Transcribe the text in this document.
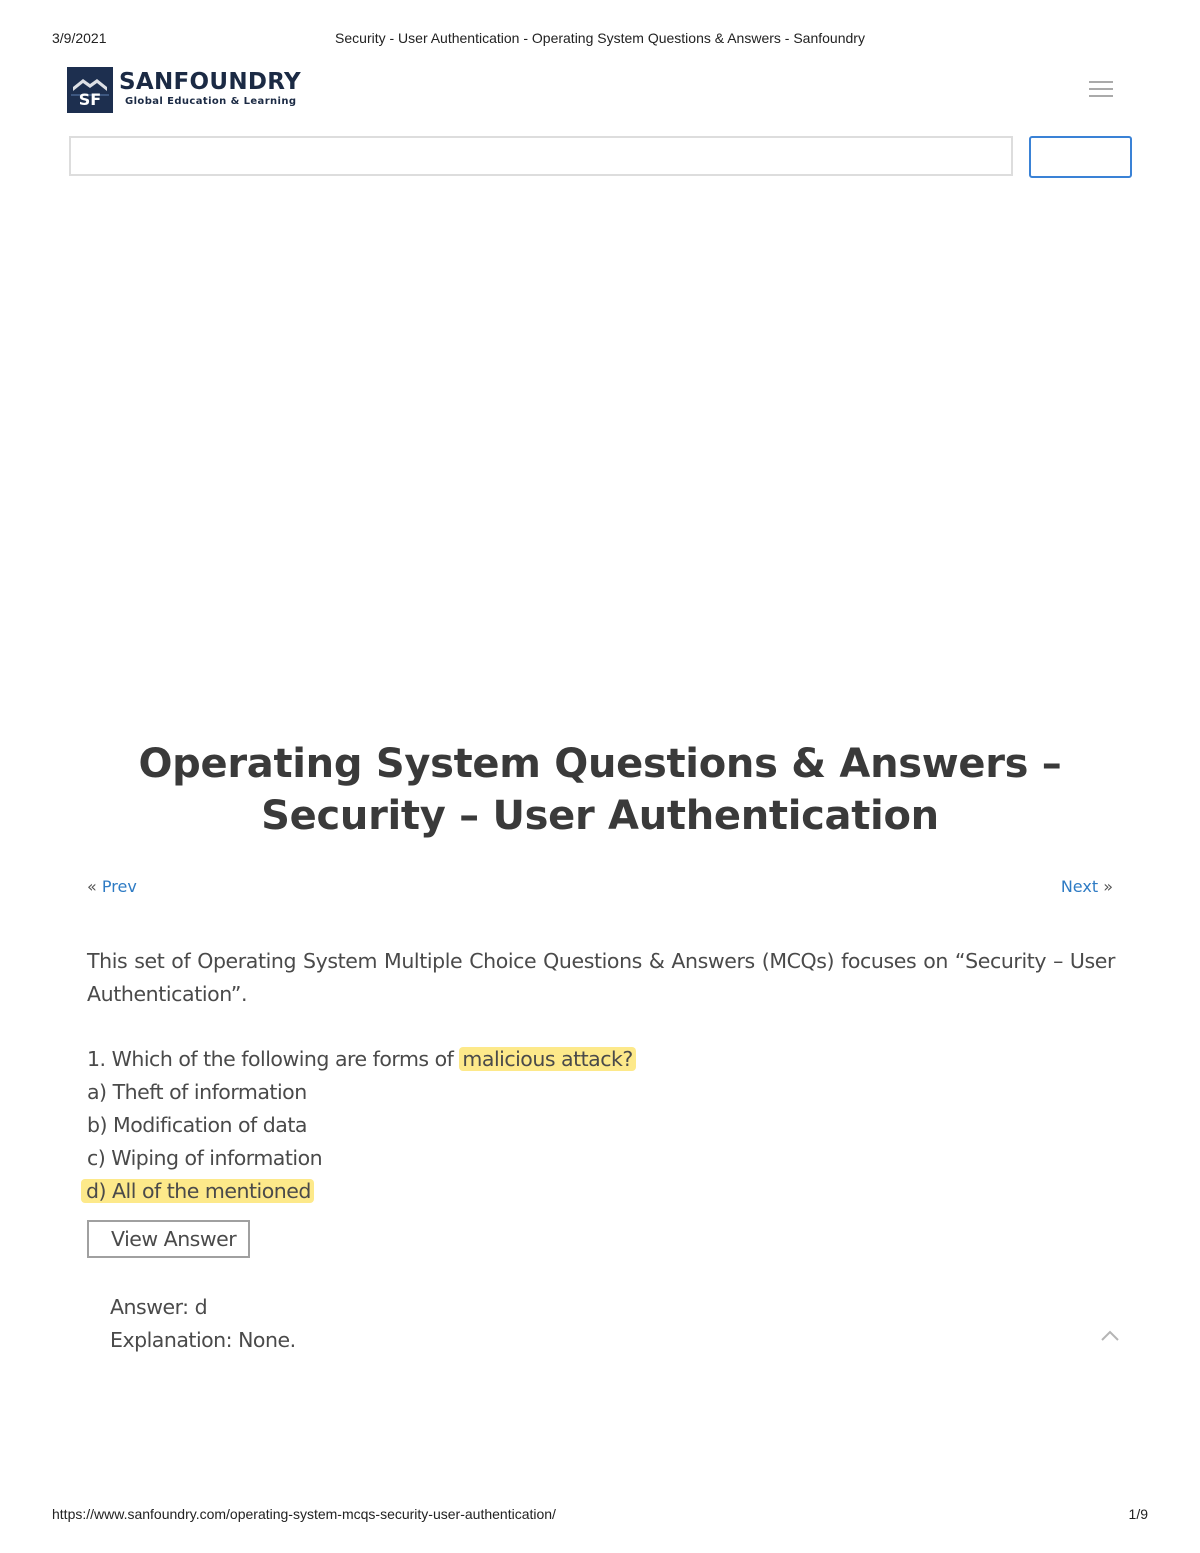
3/9/2021	Security - User Authentication - Operating System Questions & Answers - Sanfoundry
SF
SANFOUNDRY
Global Education & Learning
Operating System Questions & Answers – Security – User Authentication
« Prev	Next »

This set of Operating System Multiple Choice Questions & Answers (MCQs) focuses on “Security – User Authentication”.

1. Which of the following are forms of malicious attack?
a) Theft of information
b) Modification of data
c) Wiping of information
d) All of the mentioned
View Answer
Answer: d
Explanation: None.
https://www.sanfoundry.com/operating-system-mcqs-security-user-authentication/	1/9
